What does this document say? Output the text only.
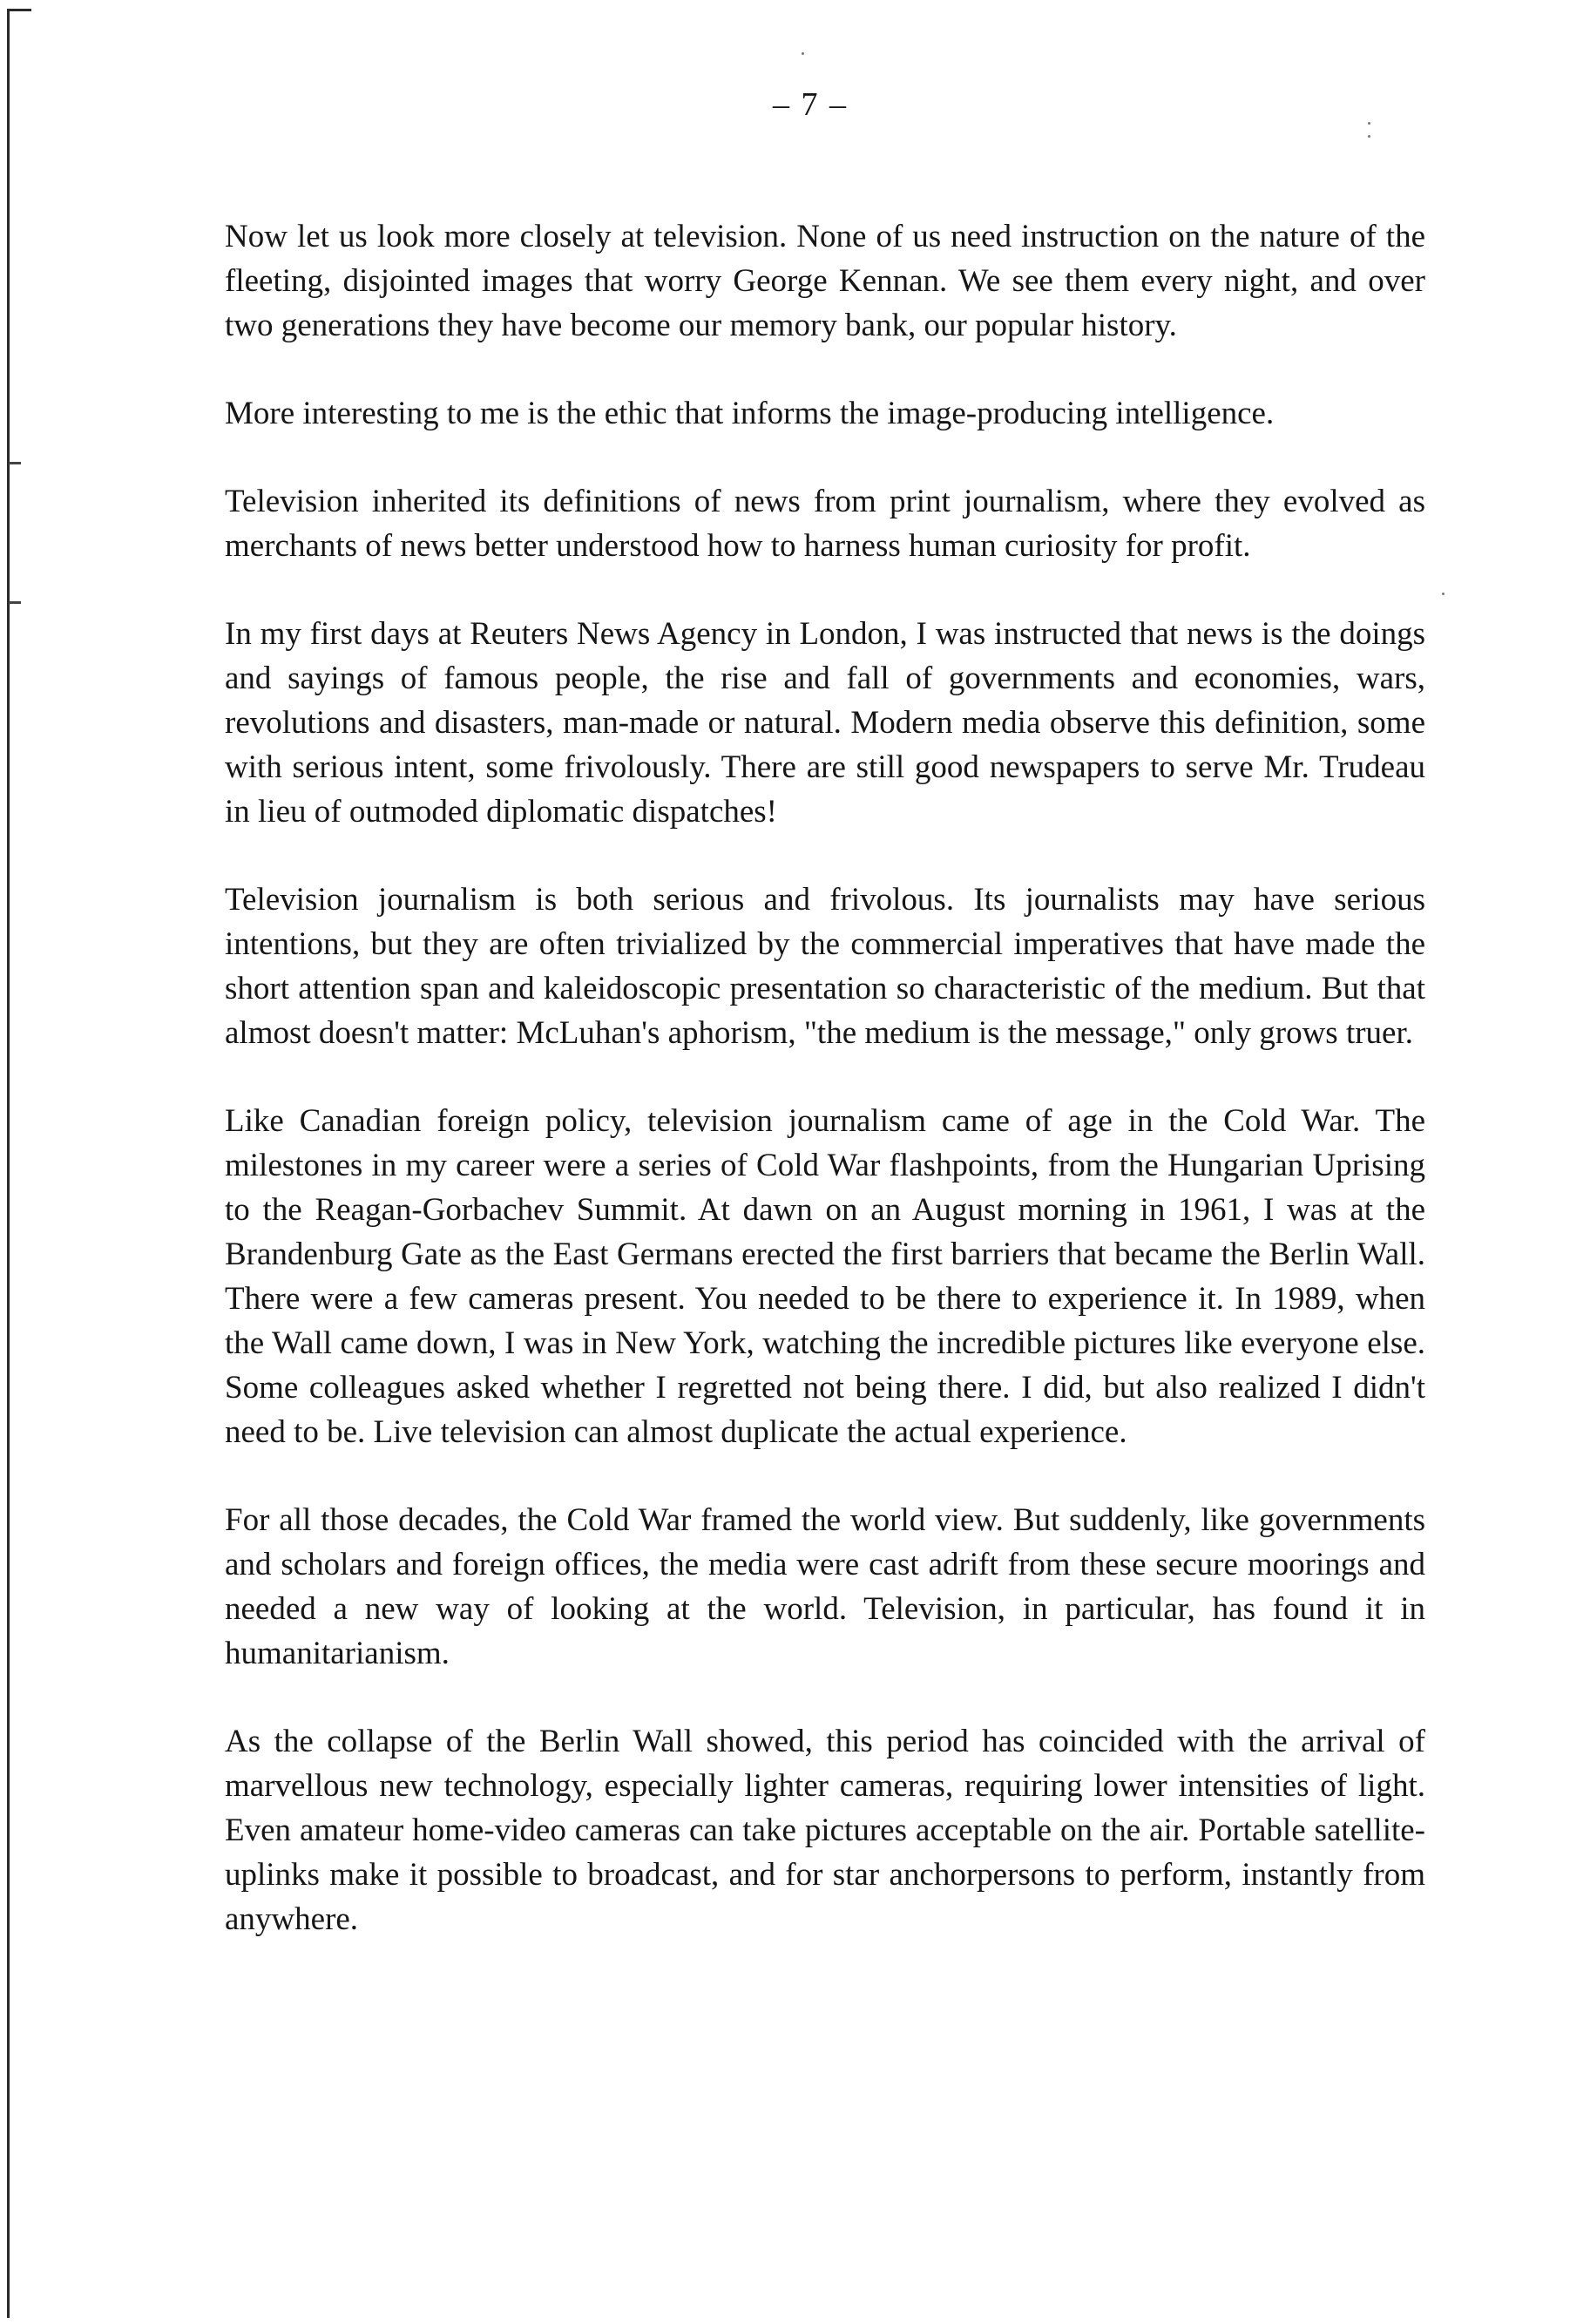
– 7 –

Now let us look more closely at television. None of us need instruction on the nature of the fleeting, disjointed images that worry George Kennan. We see them every night, and over two generations they have become our memory bank, our popular history.

More interesting to me is the ethic that informs the image-producing intelligence.

Television inherited its definitions of news from print journalism, where they evolved as merchants of news better understood how to harness human curiosity for profit.

In my first days at Reuters News Agency in London, I was instructed that news is the doings and sayings of famous people, the rise and fall of governments and economies, wars, revolutions and disasters, man-made or natural. Modern media observe this definition, some with serious intent, some frivolously. There are still good newspapers to serve Mr. Trudeau in lieu of outmoded diplomatic dispatches!

Television journalism is both serious and frivolous. Its journalists may have serious intentions, but they are often trivialized by the commercial imperatives that have made the short attention span and kaleidoscopic presentation so characteristic of the medium. But that almost doesn't matter: McLuhan's aphorism, "the medium is the message," only grows truer.

Like Canadian foreign policy, television journalism came of age in the Cold War. The milestones in my career were a series of Cold War flashpoints, from the Hungarian Uprising to the Reagan-Gorbachev Summit. At dawn on an August morning in 1961, I was at the Brandenburg Gate as the East Germans erected the first barriers that became the Berlin Wall. There were a few cameras present. You needed to be there to experience it. In 1989, when the Wall came down, I was in New York, watching the incredible pictures like everyone else. Some colleagues asked whether I regretted not being there. I did, but also realized I didn't need to be. Live television can almost duplicate the actual experience.

For all those decades, the Cold War framed the world view. But suddenly, like governments and scholars and foreign offices, the media were cast adrift from these secure moorings and needed a new way of looking at the world. Television, in particular, has found it in humanitarianism.

As the collapse of the Berlin Wall showed, this period has coincided with the arrival of marvellous new technology, especially lighter cameras, requiring lower intensities of light. Even amateur home-video cameras can take pictures acceptable on the air. Portable satellite-uplinks make it possible to broadcast, and for star anchorpersons to perform, instantly from anywhere.
